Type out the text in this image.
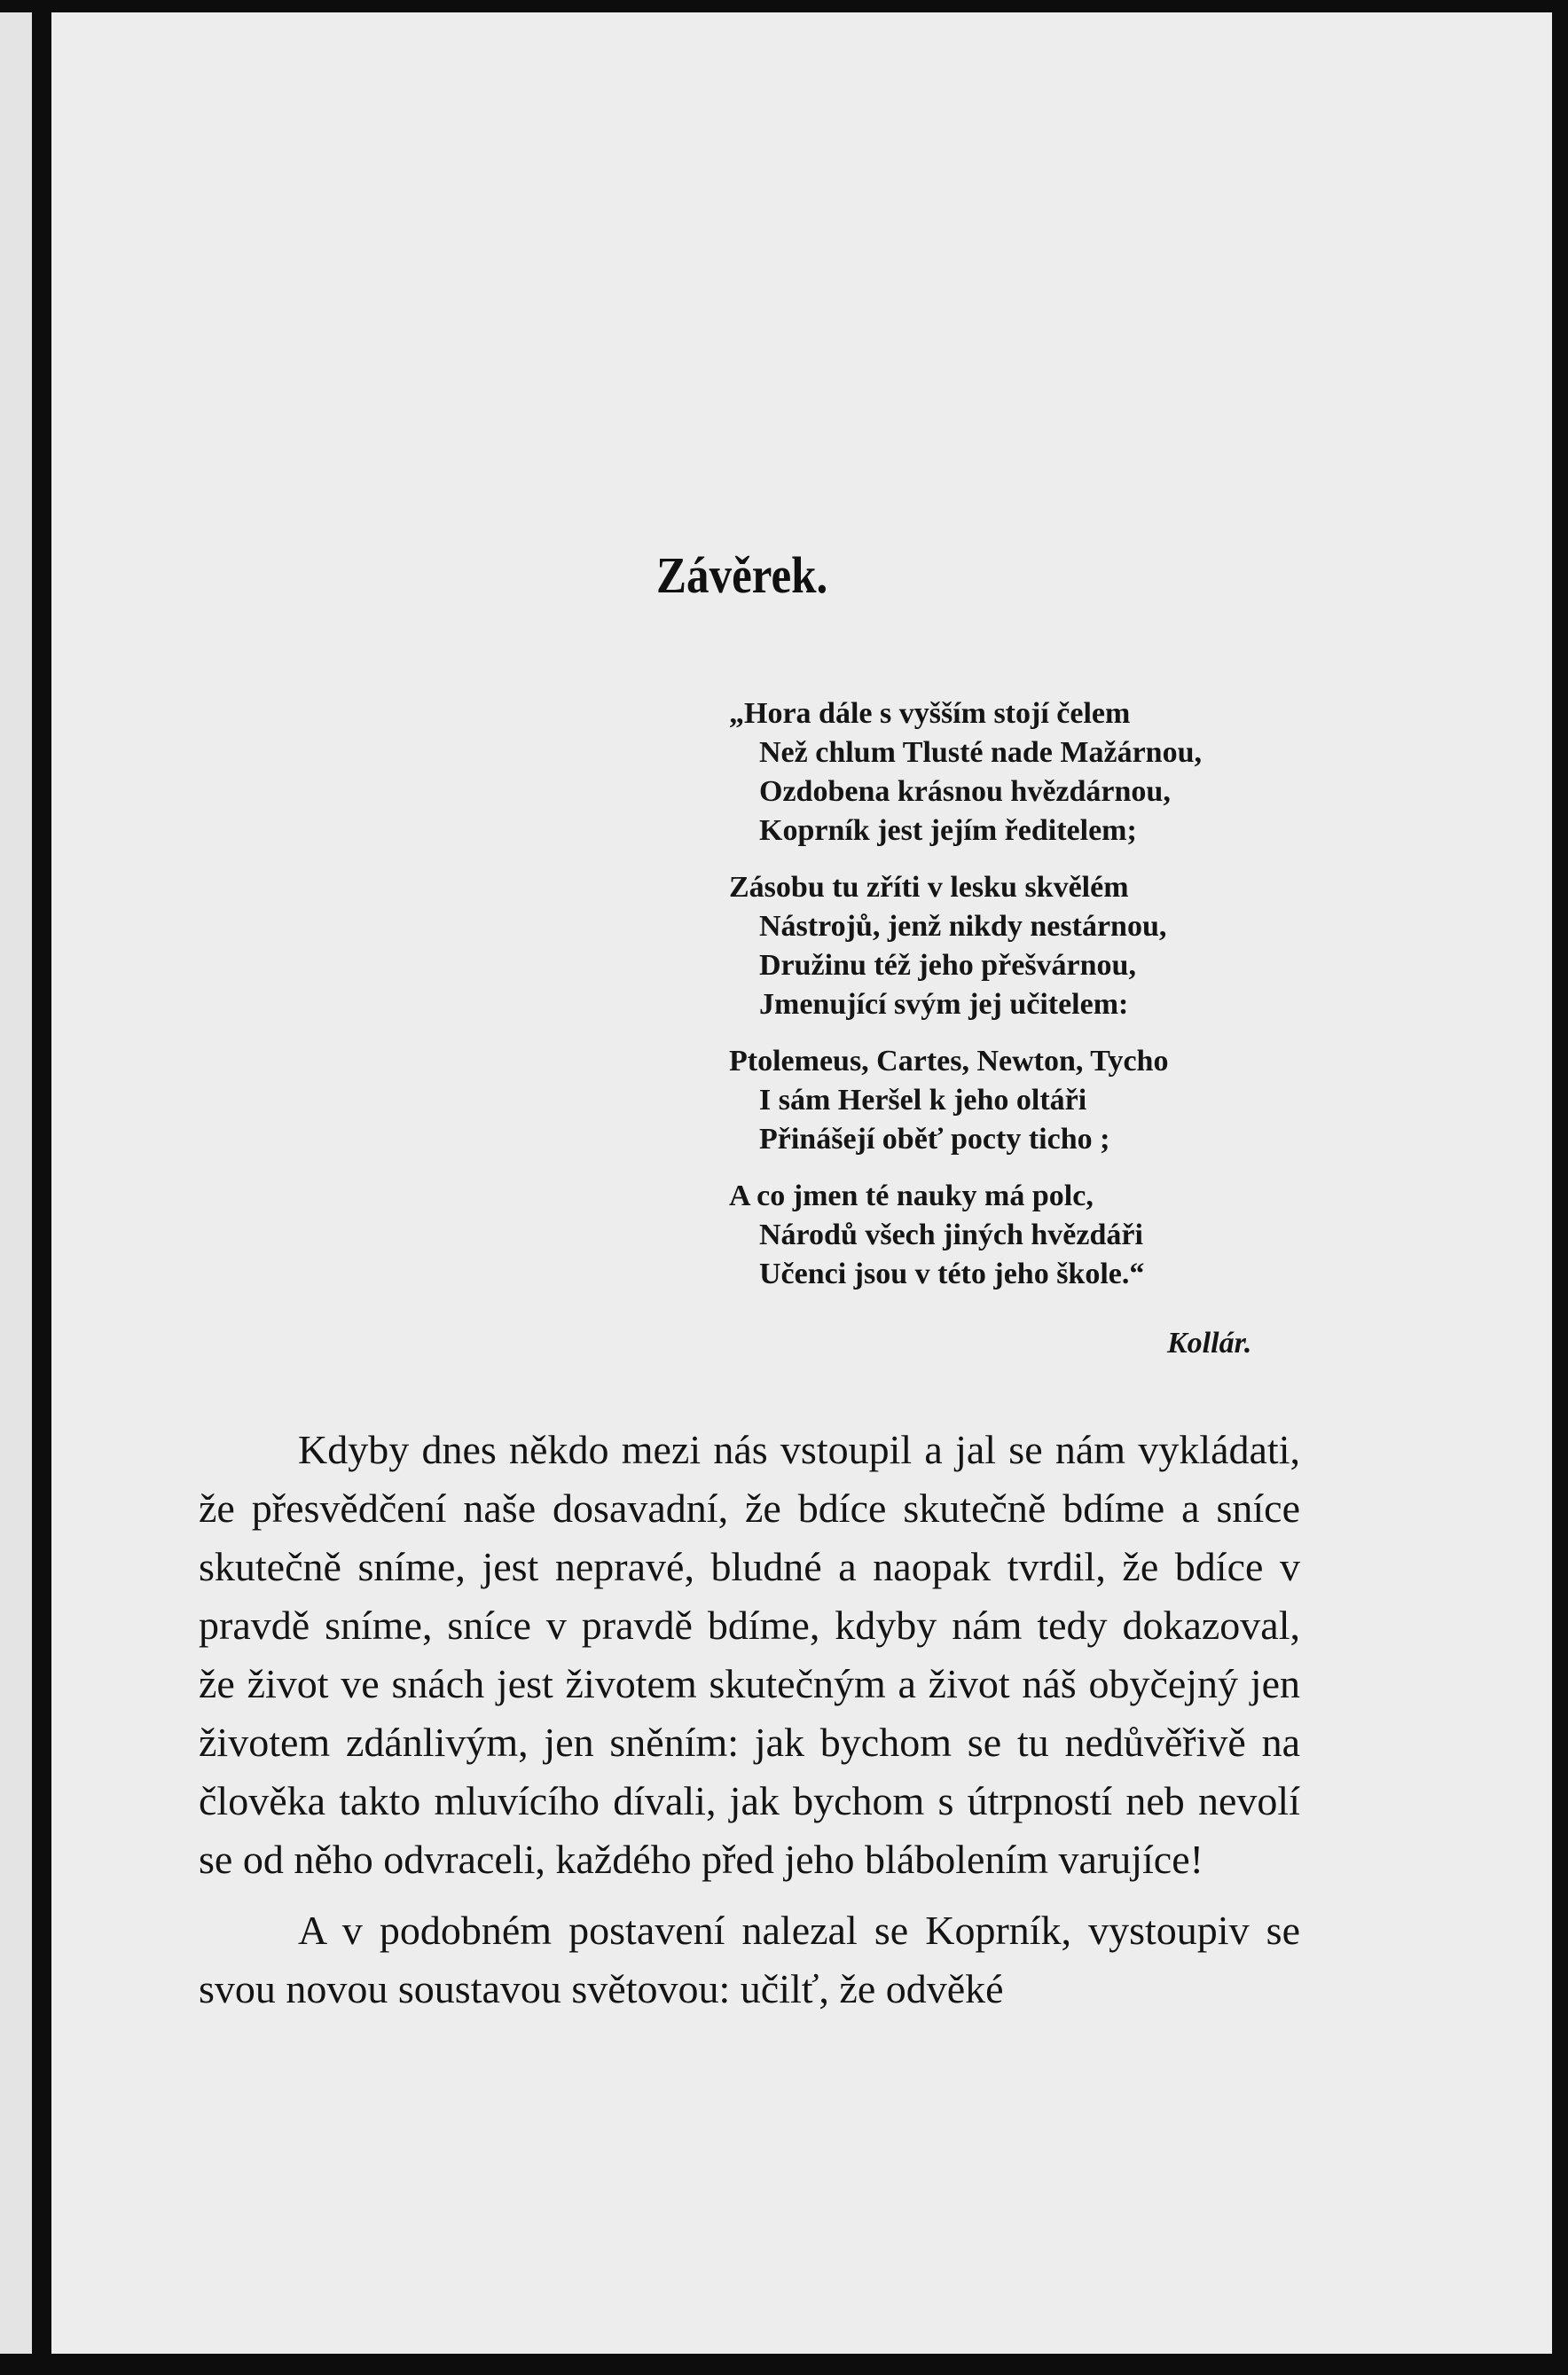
Závěrek.
„Hora dále s vyšším stojí čelem
Než chlum Tlusté nade Mažárnou,
Ozdobena krásnou hvězdárnou,
Koprník jest jejím ředitelem;
Zásobu tu zříti v lesku skvělém
Nástrojů, jenž nikdy nestárnou,
Družinu též jeho přešvárnou,
Jmenující svým jej učitelem:
Ptolemeus, Cartes, Newton, Tycho
I sám Heršel k jeho oltáři
Přinášejí oběť pocty ticho ;
A co jmen té nauky má polc,
Národů všech jiných hvězdáři
Učenci jsou v této jeho škole.“
Kollár.

Kdyby dnes někdo mezi nás vstoupil a jal se nám vykládati, že přesvědčení naše dosavadní, že bdíce skutečně bdíme a sníce skutečně sníme, jest nepravé, bludné a naopak tvrdil, že bdíce v pravdě sníme, sníce v pravdě bdíme, kdyby nám tedy dokazoval, že život ve snách jest životem skutečným a život náš obyčejný jen životem zdánlivým, jen sněním: jak bychom se tu nedůvěřivě na člověka takto mluvícího dívali, jak bychom s útrpností neb nevolí se od něho odvraceli, každého před jeho blábolením varujíce!

A v podobném postavení nalezal se Koprník, vystoupiv se svou novou soustavou světovou: učilť, že odvěké
